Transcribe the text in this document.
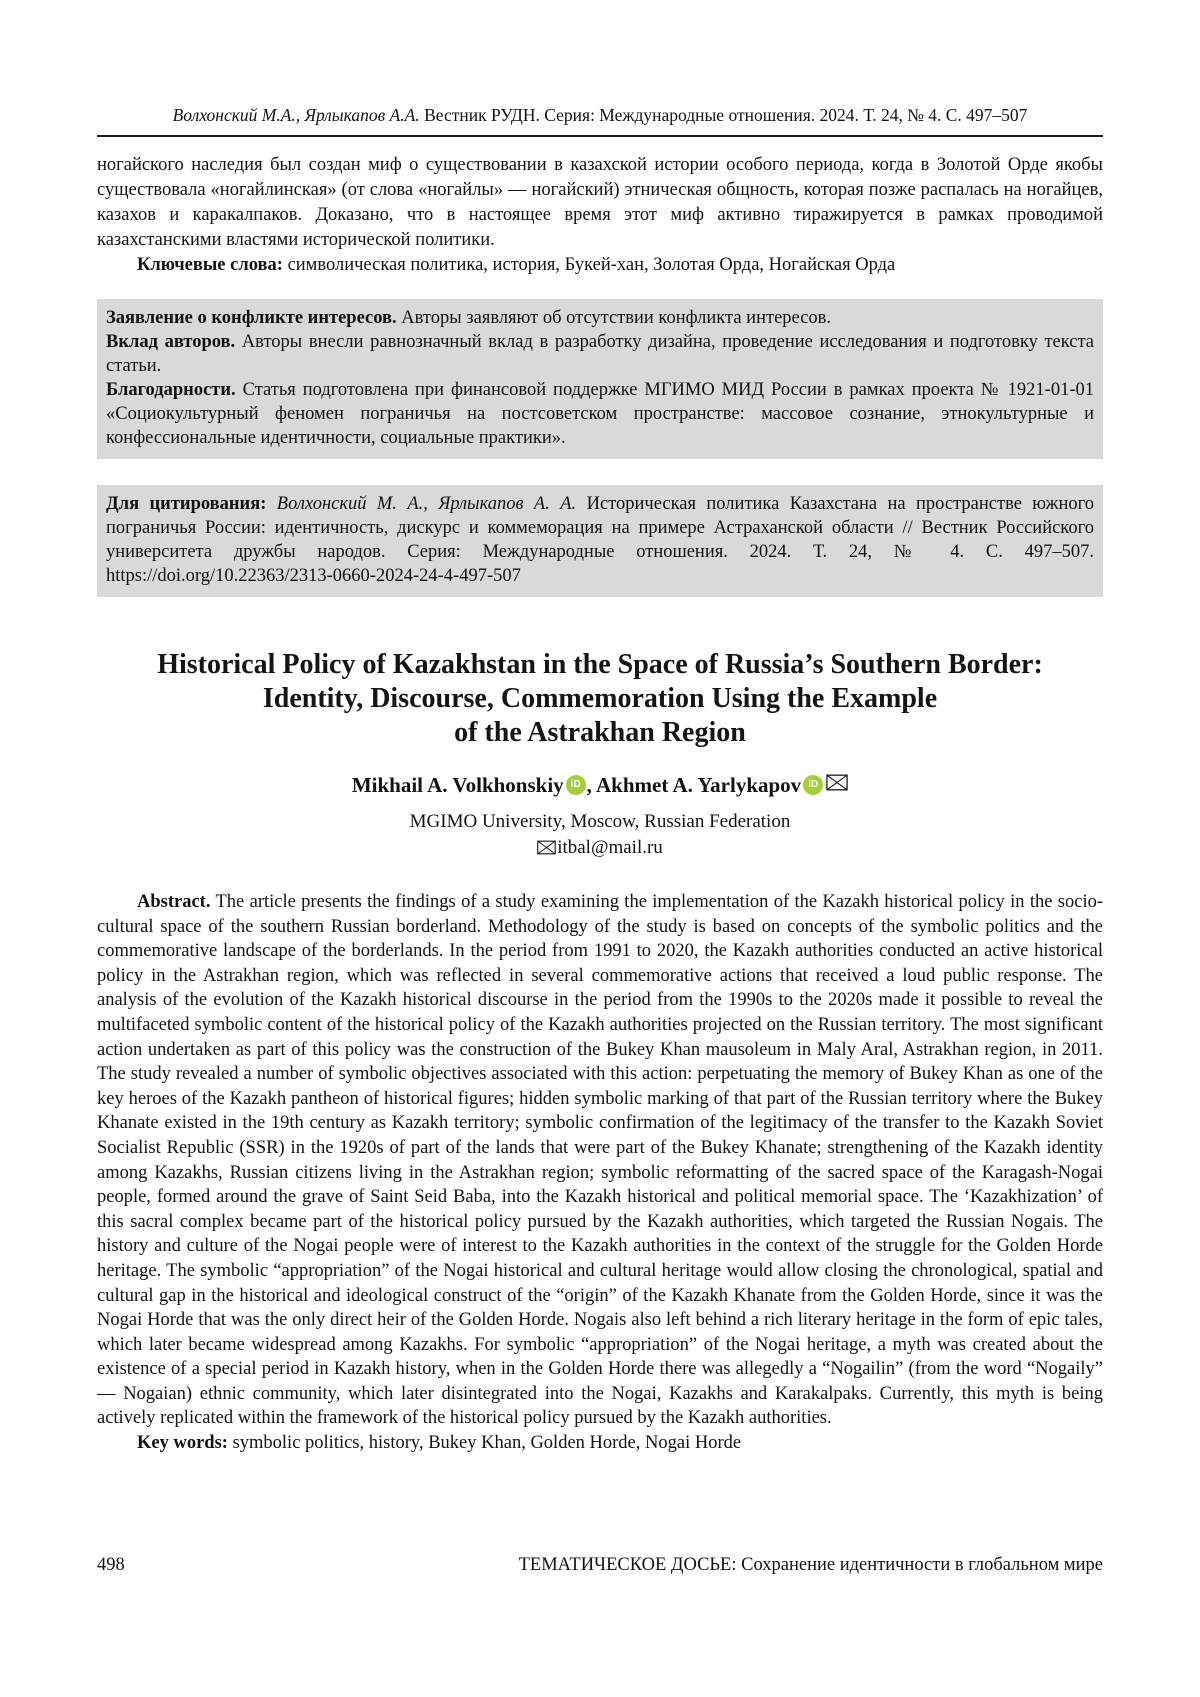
Волхонский М.А., Ярлыкапов А.А. Вестник РУДН. Серия: Международные отношения. 2024. Т. 24, № 4. С. 497–507

ногайского наследия был создан миф о существовании в казахской истории особого периода, когда в Золотой Орде якобы существовала «ногайлинская» (от слова «ногайлы» — ногайский) этническая общность, которая позже распалась на ногайцев, казахов и каракалпаков. Доказано, что в настоящее время этот миф активно тиражируется в рамках проводимой казахстанскими властями исторической политики.

Ключевые слова: символическая политика, история, Букей-хан, Золотая Орда, Ногайская Орда

Заявление о конфликте интересов. Авторы заявляют об отсутствии конфликта интересов.

Вклад авторов. Авторы внесли равнозначный вклад в разработку дизайна, проведение исследования и подготовку текста статьи.

Благодарности. Статья подготовлена при финансовой поддержке МГИМО МИД России в рамках проекта № 1921-01-01 «Социокультурный феномен пограничья на постсоветском пространстве: массовое сознание, этнокультурные и конфессиональные идентичности, социальные практики».

Для цитирования: Волхонский М. А., Ярлыкапов А. А. Историческая политика Казахстана на пространстве южного пограничья России: идентичность, дискурс и коммеморация на примере Астраханской области // Вестник Российского университета дружбы народов. Серия: Международные отношения. 2024. Т. 24, № 4. С. 497–507. https://doi.org/10.22363/2313-0660-2024-24-4-497-507

Historical Policy of Kazakhstan in the Space of Russia’s Southern Border:
Identity, Discourse, Commemoration Using the Example
of the Astrakhan Region
Mikhail A. Volkhonskiy iD , Akhmet A. Yarlykapov iD
MGIMO University, Moscow, Russian Federation
itbal@mail.ru

Abstract. The article presents the findings of a study examining the implementation of the Kazakh historical policy in the socio-cultural space of the southern Russian borderland. Methodology of the study is based on concepts of the symbolic politics and the commemorative landscape of the borderlands. In the period from 1991 to 2020, the Kazakh authorities conducted an active historical policy in the Astrakhan region, which was reflected in several commemorative actions that received a loud public response. The analysis of the evolution of the Kazakh historical discourse in the period from the 1990s to the 2020s made it possible to reveal the multifaceted symbolic content of the historical policy of the Kazakh authorities projected on the Russian territory. The most significant action undertaken as part of this policy was the construction of the Bukey Khan mausoleum in Maly Aral, Astrakhan region, in 2011. The study revealed a number of symbolic objectives associated with this action: perpetuating the memory of Bukey Khan as one of the key heroes of the Kazakh pantheon of historical figures; hidden symbolic marking of that part of the Russian territory where the Bukey Khanate existed in the 19th century as Kazakh territory; symbolic confirmation of the legitimacy of the transfer to the Kazakh Soviet Socialist Republic (SSR) in the 1920s of part of the lands that were part of the Bukey Khanate; strengthening of the Kazakh identity among Kazakhs, Russian citizens living in the Astrakhan region; symbolic reformatting of the sacred space of the Karagash-Nogai people, formed around the grave of Saint Seid Baba, into the Kazakh historical and political memorial space. The ‘Kazakhization’ of this sacral complex became part of the historical policy pursued by the Kazakh authorities, which targeted the Russian Nogais. The history and culture of the Nogai people were of interest to the Kazakh authorities in the context of the struggle for the Golden Horde heritage. The symbolic “appropriation” of the Nogai historical and cultural heritage would allow closing the chronological, spatial and cultural gap in the historical and ideological construct of the “origin” of the Kazakh Khanate from the Golden Horde, since it was the Nogai Horde that was the only direct heir of the Golden Horde. Nogais also left behind a rich literary heritage in the form of epic tales, which later became widespread among Kazakhs. For symbolic “appropriation” of the Nogai heritage, a myth was created about the existence of a special period in Kazakh history, when in the Golden Horde there was allegedly a “Nogailin” (from the word “Nogaily” — Nogaian) ethnic community, which later disintegrated into the Nogai, Kazakhs and Karakalpaks. Currently, this myth is being actively replicated within the framework of the historical policy pursued by the Kazakh authorities.

Key words: symbolic politics, history, Bukey Khan, Golden Horde, Nogai Horde

498	ТЕМАТИЧЕСКОЕ ДОСЬЕ: Сохранение идентичности в глобальном мире
